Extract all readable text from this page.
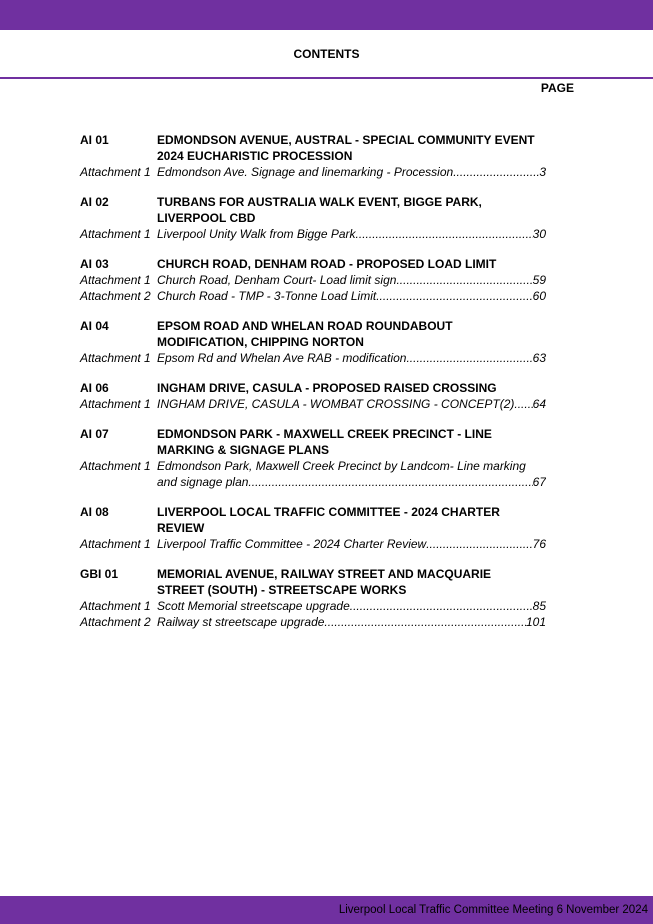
CONTENTS
PAGE
AI 01	EDMONDSON AVENUE, AUSTRAL - SPECIAL COMMUNITY EVENT
2024 EUCHARISTIC PROCESSION
Attachment 1 Edmondson Ave. Signage and linemarking - Procession .....	3
AI 02	TURBANS FOR AUSTRALIA WALK EVENT, BIGGE PARK,
LIVERPOOL CBD
Attachment 1 Liverpool Unity Walk from Bigge Park .....	30
AI 03	CHURCH ROAD, DENHAM ROAD - PROPOSED LOAD LIMIT
Attachment 1 Church Road, Denham Court- Load limit sign .....	59
Attachment 2 Church Road - TMP - 3-Tonne Load Limit .....	60
AI 04	EPSOM ROAD AND WHELAN ROAD ROUNDABOUT
MODIFICATION, CHIPPING NORTON
Attachment 1 Epsom Rd and Whelan Ave RAB - modification .....	63
AI 06	INGHAM DRIVE, CASULA - PROPOSED RAISED CROSSING
Attachment 1 INGHAM DRIVE, CASULA - WOMBAT CROSSING - CONCEPT(2) ..... 64
AI 07	EDMONDSON PARK - MAXWELL CREEK PRECINCT - LINE
MARKING & SIGNAGE PLANS
Attachment 1 Edmondson Park, Maxwell Creek Precinct by Landcom- Line marking
and signage plan. .....	67
AI 08	LIVERPOOL LOCAL TRAFFIC COMMITTEE - 2024 CHARTER
REVIEW
Attachment 1 Liverpool Traffic Committee - 2024 Charter Review .....	76
GBI 01	MEMORIAL AVENUE, RAILWAY STREET AND MACQUARIE
STREET (SOUTH) - STREETSCAPE WORKS
Attachment 1 Scott Memorial streetscape upgrade .....	85
Attachment 2 Railway st streetscape upgrade. .....	101
Liverpool Local Traffic Committee Meeting 6 November 2024
